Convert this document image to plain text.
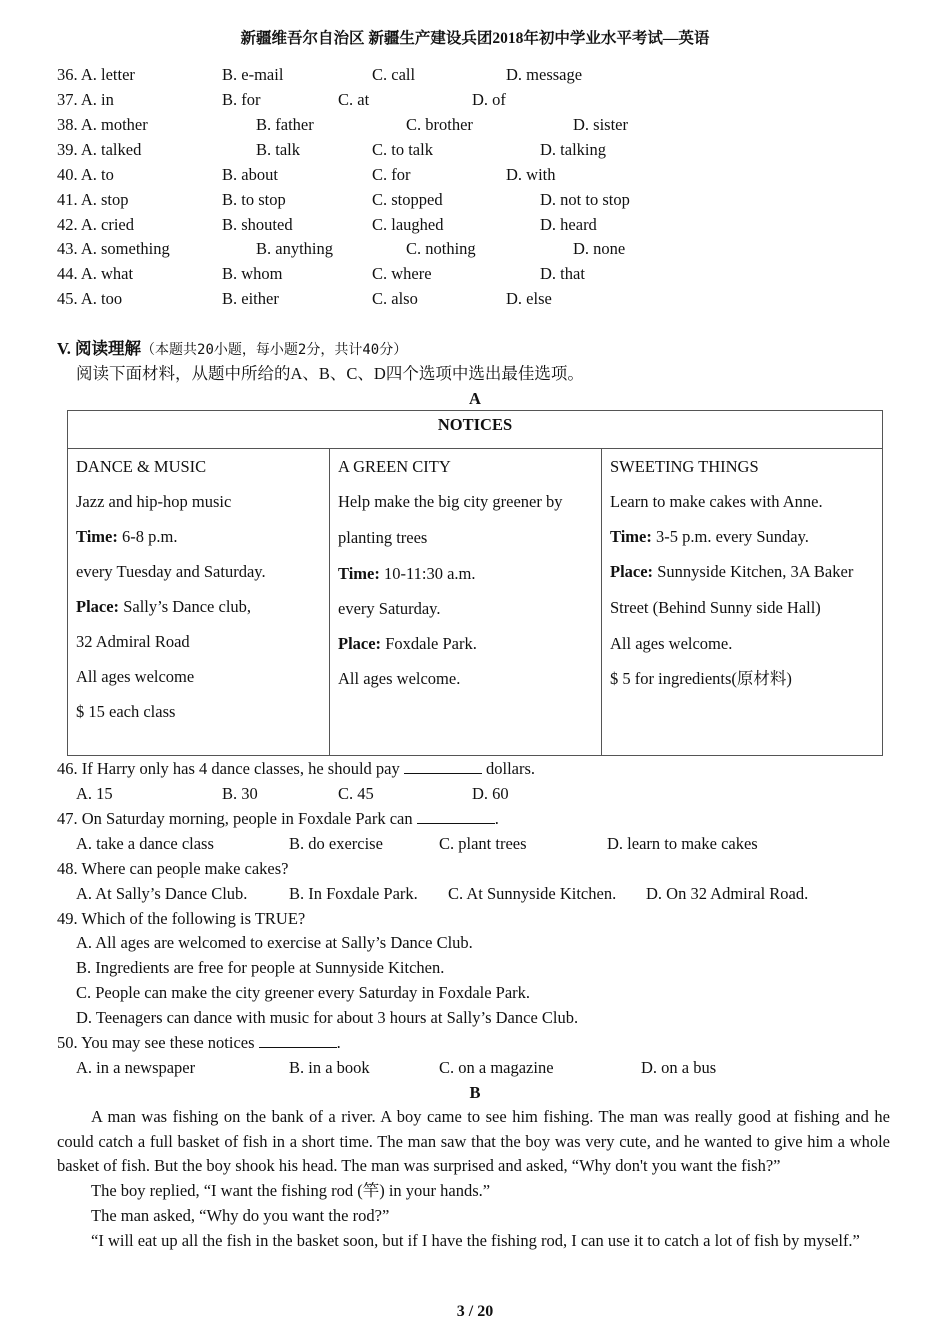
新疆维吾尔自治区 新疆生产建设兵团2018年初中学业水平考试—英语
36. A. letter	B. e-mail	C. call	D. message
37. A. in	B. for	C. at	D. of
38. A. mother	B. father	C. brother	D. sister
39. A. talked	B. talk	C. to talk	D. talking
40. A. to	B. about	C. for	D. with
41. A. stop	B. to stop	C. stopped	D. not to stop
42. A. cried	B. shouted	C. laughed	D. heard
43. A. something	B. anything	C. nothing	D. none
44. A. what	B. whom	C. where	D. that
45. A. too	B. either	C. also	D. else
V. 阅读理解（本题共20小题，每小题2分，共计40分）
阅读下面材料，从题中所给的A、B、C、D四个选项中选出最佳选项。
A
NOTICES

DANCE & MUSIC

Jazz and hip-hop music

Time: 6-8 p.m.

every Tuesday and Saturday.

Place: Sally’s Dance club,

32 Admiral Road

All ages welcome

$ 15 each class

A GREEN CITY

Help make the big city greener by

planting trees

Time: 10-11:30 a.m.

every Saturday.

Place: Foxdale Park.

All ages welcome.

SWEETING THINGS

Learn to make cakes with Anne.

Time: 3-5 p.m. every Sunday.

Place: Sunnyside Kitchen, 3A Baker

Street (Behind Sunny side Hall)

All ages welcome.

$ 5 for ingredients(原材料)

46. If Harry only has 4 dance classes, he should pay	dollars.
A. 15	B. 30	C. 45	D. 60
47. On Saturday morning, people in Foxdale Park can	.
A. take a dance class	B. do exercise	C. plant trees	D. learn to make cakes
48. Where can people make cakes?
A. At Sally’s Dance Club.	B. In Foxdale Park. C. At Sunnyside Kitchen. D. On 32 Admiral Road.
49. Which of the following is TRUE?
A. All ages are welcomed to exercise at Sally’s Dance Club.
B. Ingredients are free for people at Sunnyside Kitchen.
C. People can make the city greener every Saturday in Foxdale Park.
D. Teenagers can dance with music for about 3 hours at Sally’s Dance Club.
50. You may see these notices	.
A. in a newspaper	B. in a book	C. on a magazine	D. on a bus
B
A man was fishing on the bank of a river. A boy came to see him fishing. The man was really good at fishing and he could catch a full basket of fish in a short time. The man saw that the boy was very cute, and he wanted to give him a whole basket of fish. But the boy shook his head. The man was surprised and asked, “Why don't you want the fish?”
The boy replied, “I want the fishing rod (竿) in your hands.”
The man asked, “Why do you want the rod?”
“I will eat up all the fish in the basket soon, but if I have the fishing rod, I can use it to catch a lot of fish by myself.”
3 / 20
